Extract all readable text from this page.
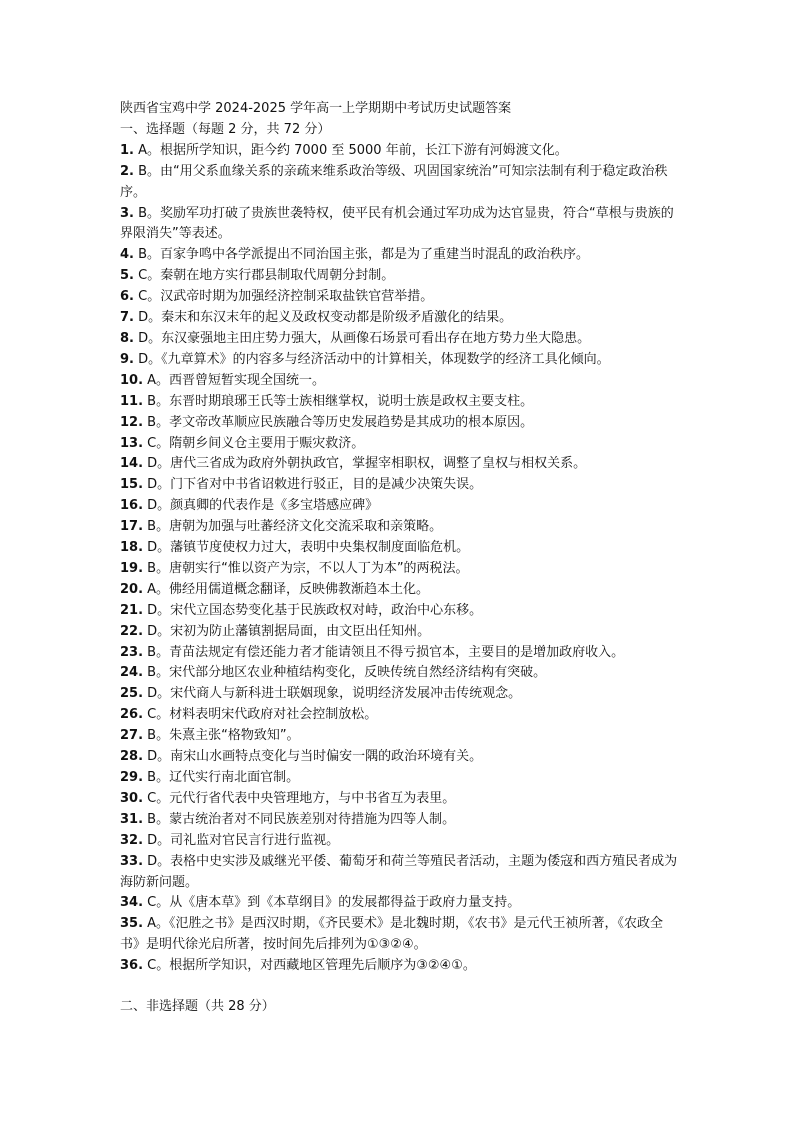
陕西省宝鸡中学 2024-2025 学年高一上学期期中考试历史试题答案
一、选择题（每题 2 分，共 72 分）
1. A。根据所学知识，距今约 7000 至 5000 年前，长江下游有河姆渡文化。
2. B。由“用父系血缘关系的亲疏来维系政治等级、巩固国家统治”可知宗法制有利于稳定政治秩序。
3. B。奖励军功打破了贵族世袭特权，使平民有机会通过军功成为达官显贵，符合“草根与贵族的界限消失”等表述。
4. B。百家争鸣中各学派提出不同治国主张，都是为了重建当时混乱的政治秩序。
5. C。秦朝在地方实行郡县制取代周朝分封制。
6. C。汉武帝时期为加强经济控制采取盐铁官营举措。
7. D。秦末和东汉末年的起义及政权变动都是阶级矛盾激化的结果。
8. D。东汉豪强地主田庄势力强大，从画像石场景可看出存在地方势力坐大隐患。
9. D。《九章算术》的内容多与经济活动中的计算相关，体现数学的经济工具化倾向。
10. A。西晋曾短暂实现全国统一。
11. B。东晋时期琅琊王氏等士族相继掌权，说明士族是政权主要支柱。
12. B。孝文帝改革顺应民族融合等历史发展趋势是其成功的根本原因。
13. C。隋朝乡间义仓主要用于赈灾救济。
14. D。唐代三省成为政府外朝执政官，掌握宰相职权，调整了皇权与相权关系。
15. D。门下省对中书省诏敕进行驳正，目的是减少决策失误。
16. D。颜真卿的代表作是《多宝塔感应碑》
17. B。唐朝为加强与吐蕃经济文化交流采取和亲策略。
18. D。藩镇节度使权力过大，表明中央集权制度面临危机。
19. B。唐朝实行“惟以资产为宗，不以人丁为本”的两税法。
20. A。佛经用儒道概念翻译，反映佛教渐趋本土化。
21. D。宋代立国态势变化基于民族政权对峙，政治中心东移。
22. D。宋初为防止藩镇割据局面，由文臣出任知州。
23. B。青苗法规定有偿还能力者才能请领且不得亏损官本，主要目的是增加政府收入。
24. B。宋代部分地区农业种植结构变化，反映传统自然经济结构有突破。
25. D。宋代商人与新科进士联姻现象，说明经济发展冲击传统观念。
26. C。材料表明宋代政府对社会控制放松。
27. B。朱熹主张“格物致知”。
28. D。南宋山水画特点变化与当时偏安一隅的政治环境有关。
29. B。辽代实行南北面官制。
30. C。元代行省代表中央管理地方，与中书省互为表里。
31. B。蒙古统治者对不同民族差别对待措施为四等人制。
32. D。司礼监对官民言行进行监视。
33. D。表格中史实涉及戚继光平倭、葡萄牙和荷兰等殖民者活动，主题为倭寇和西方殖民者成为海防新问题。
34. C。从《唐本草》到《本草纲目》的发展都得益于政府力量支持。
35. A。《氾胜之书》是西汉时期，《齐民要术》是北魏时期，《农书》是元代王祯所著，《农政全书》是明代徐光启所著，按时间先后排列为①③②④。
36. C。根据所学知识，对西藏地区管理先后顺序为③②④①。
二、非选择题（共 28 分）
